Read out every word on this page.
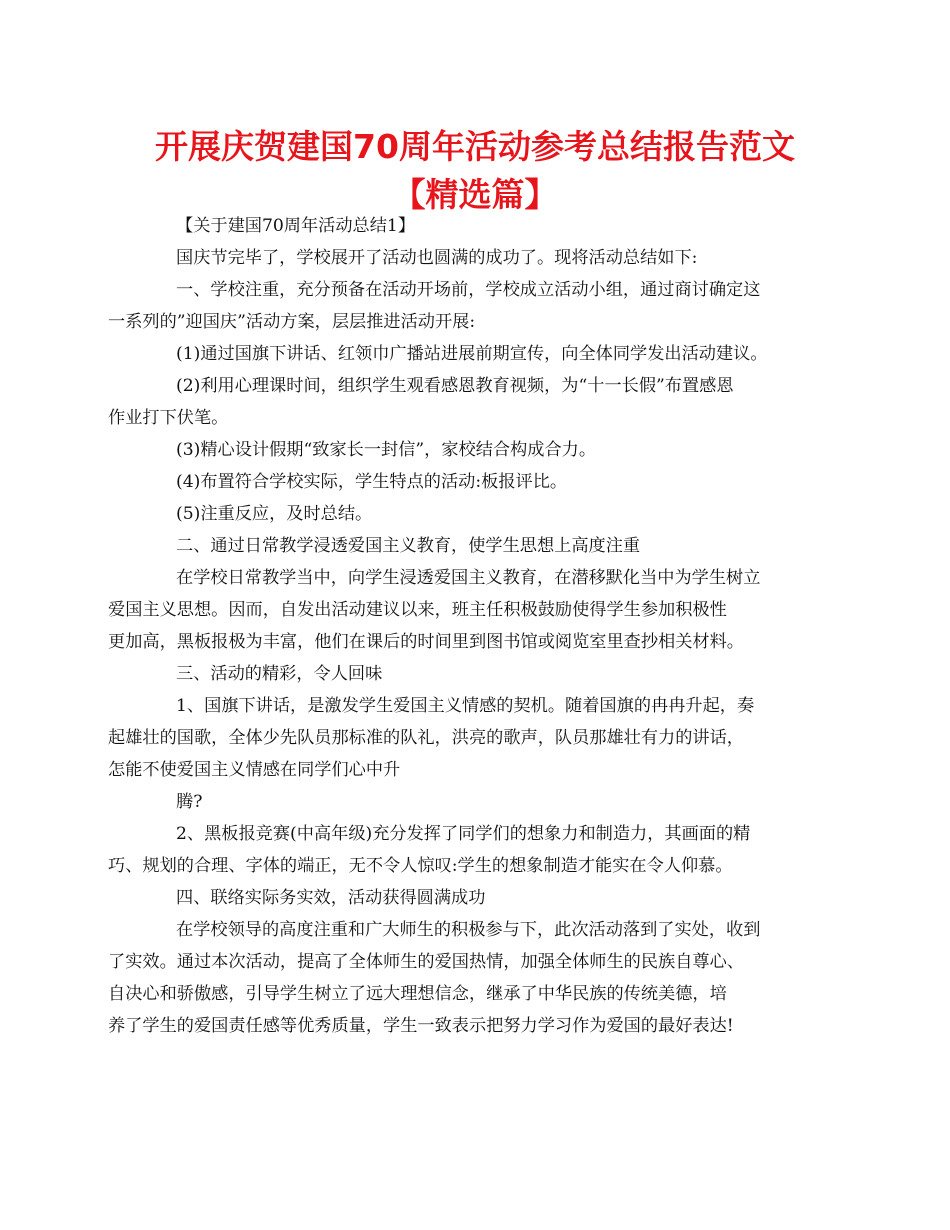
开展庆贺建国70周年活动参考总结报告范文
【精选篇】

【关于建国70周年活动总结1】

国庆节完毕了，学校展开了活动也圆满的成功了。现将活动总结如下:

一、学校注重，充分预备在活动开场前，学校成立活动小组，通过商讨确定这
一系列的”迎国庆”活动方案，层层推进活动开展:

(1)通过国旗下讲话、红领巾广播站进展前期宣传，向全体同学发出活动建议。

(2)利用心理课时间，组织学生观看感恩教育视频，为“十一长假”布置感恩
作业打下伏笔。

(3)精心设计假期“致家长一封信”，家校结合构成合力。

(4)布置符合学校实际，学生特点的活动:板报评比。

(5)注重反应，及时总结。

二、通过日常教学浸透爱国主义教育，使学生思想上高度注重

在学校日常教学当中，向学生浸透爱国主义教育，在潜移默化当中为学生树立
爱国主义思想。因而，自发出活动建议以来，班主任积极鼓励使得学生参加积极性
更加高，黑板报极为丰富，他们在课后的时间里到图书馆或阅览室里查抄相关材料。

三、活动的精彩，令人回味

1、国旗下讲话，是激发学生爱国主义情感的契机。随着国旗的冉冉升起，奏
起雄壮的国歌，全体少先队员那标准的队礼，洪亮的歌声，队员那雄壮有力的讲话，
怎能不使爱国主义情感在同学们心中升

腾?

2、黑板报竞赛(中高年级)充分发挥了同学们的想象力和制造力，其画面的精
巧、规划的合理、字体的端正，无不令人惊叹:学生的想象制造才能实在令人仰慕。

四、联络实际务实效，活动获得圆满成功

在学校领导的高度注重和广大师生的积极参与下，此次活动落到了实处，收到
了实效。通过本次活动，提高了全体师生的爱国热情，加强全体师生的民族自尊心、
自决心和骄傲感，引导学生树立了远大理想信念，继承了中华民族的传统美德，培
养了学生的爱国责任感等优秀质量，学生一致表示把努力学习作为爱国的最好表达!
